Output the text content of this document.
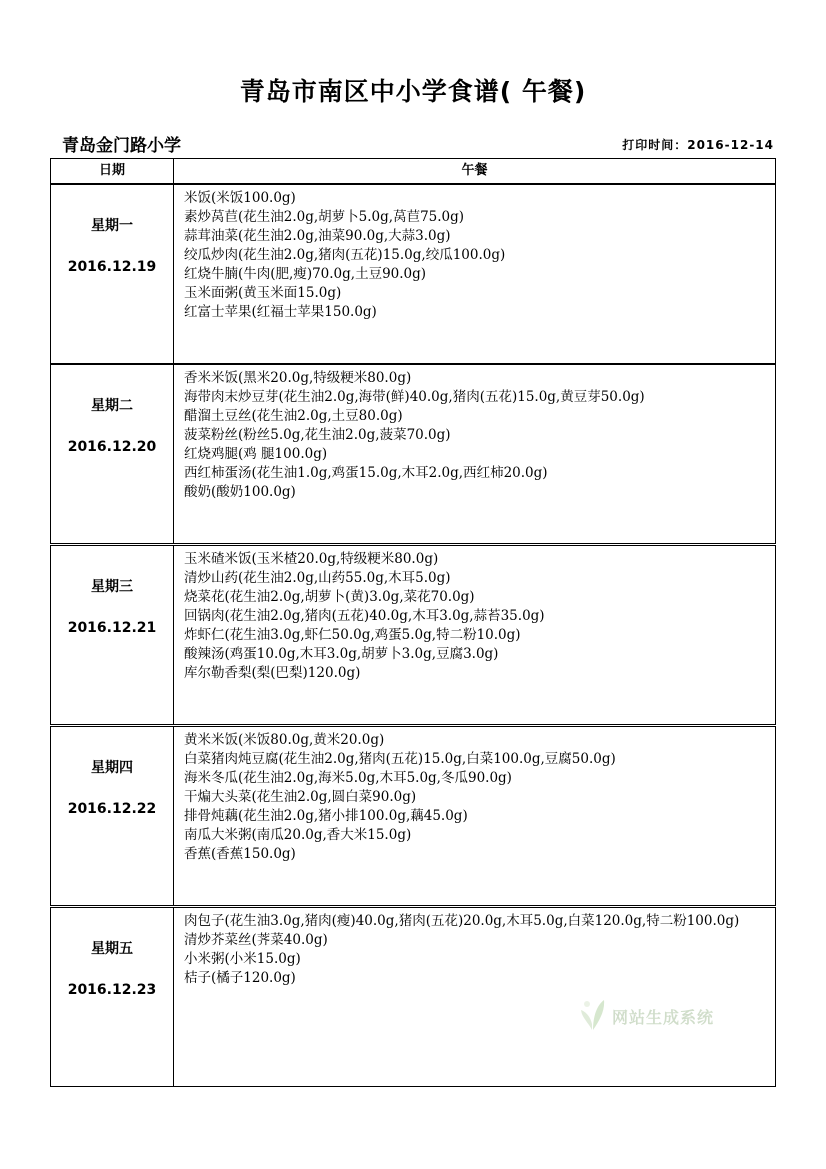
青岛市南区中小学食谱( 午餐)
青岛金门路小学	打印时间：2016-12-14
日期	午餐
星期一
2016.12.19
米饭(米饭100.0g)
素炒莴苣(花生油2.0g,胡萝卜5.0g,莴苣75.0g)
蒜茸油菜(花生油2.0g,油菜90.0g,大蒜3.0g)
绞瓜炒肉(花生油2.0g,猪肉(五花)15.0g,绞瓜100.0g)
红烧牛腩(牛肉(肥,瘦)70.0g,土豆90.0g)
玉米面粥(黄玉米面15.0g)
红富士苹果(红福士苹果150.0g)
星期二
2016.12.20
香米米饭(黑米20.0g,特级粳米80.0g)
海带肉末炒豆芽(花生油2.0g,海带(鲜)40.0g,猪肉(五花)15.0g,黄豆芽50.0g)
醋溜土豆丝(花生油2.0g,土豆80.0g)
菠菜粉丝(粉丝5.0g,花生油2.0g,菠菜70.0g)
红烧鸡腿(鸡 腿100.0g)
西红柿蛋汤(花生油1.0g,鸡蛋15.0g,木耳2.0g,西红柿20.0g)
酸奶(酸奶100.0g)
星期三
2016.12.21
玉米碴米饭(玉米楂20.0g,特级粳米80.0g)
清炒山药(花生油2.0g,山药55.0g,木耳5.0g)
烧菜花(花生油2.0g,胡萝卜(黄)3.0g,菜花70.0g)
回锅肉(花生油2.0g,猪肉(五花)40.0g,木耳3.0g,蒜苔35.0g)
炸虾仁(花生油3.0g,虾仁50.0g,鸡蛋5.0g,特二粉10.0g)
酸辣汤(鸡蛋10.0g,木耳3.0g,胡萝卜3.0g,豆腐3.0g)
库尔勒香梨(梨(巴梨)120.0g)
星期四
2016.12.22
黄米米饭(米饭80.0g,黄米20.0g)
白菜猪肉炖豆腐(花生油2.0g,猪肉(五花)15.0g,白菜100.0g,豆腐50.0g)
海米冬瓜(花生油2.0g,海米5.0g,木耳5.0g,冬瓜90.0g)
干煸大头菜(花生油2.0g,圆白菜90.0g)
排骨炖藕(花生油2.0g,猪小排100.0g,藕45.0g)
南瓜大米粥(南瓜20.0g,香大米15.0g)
香蕉(香蕉150.0g)
星期五
2016.12.23
肉包子(花生油3.0g,猪肉(瘦)40.0g,猪肉(五花)20.0g,木耳5.0g,白菜120.0g,特二粉100.0g)
清炒芥菜丝(荠菜40.0g)
小米粥(小米15.0g)
桔子(橘子120.0g)
网站生成系统
